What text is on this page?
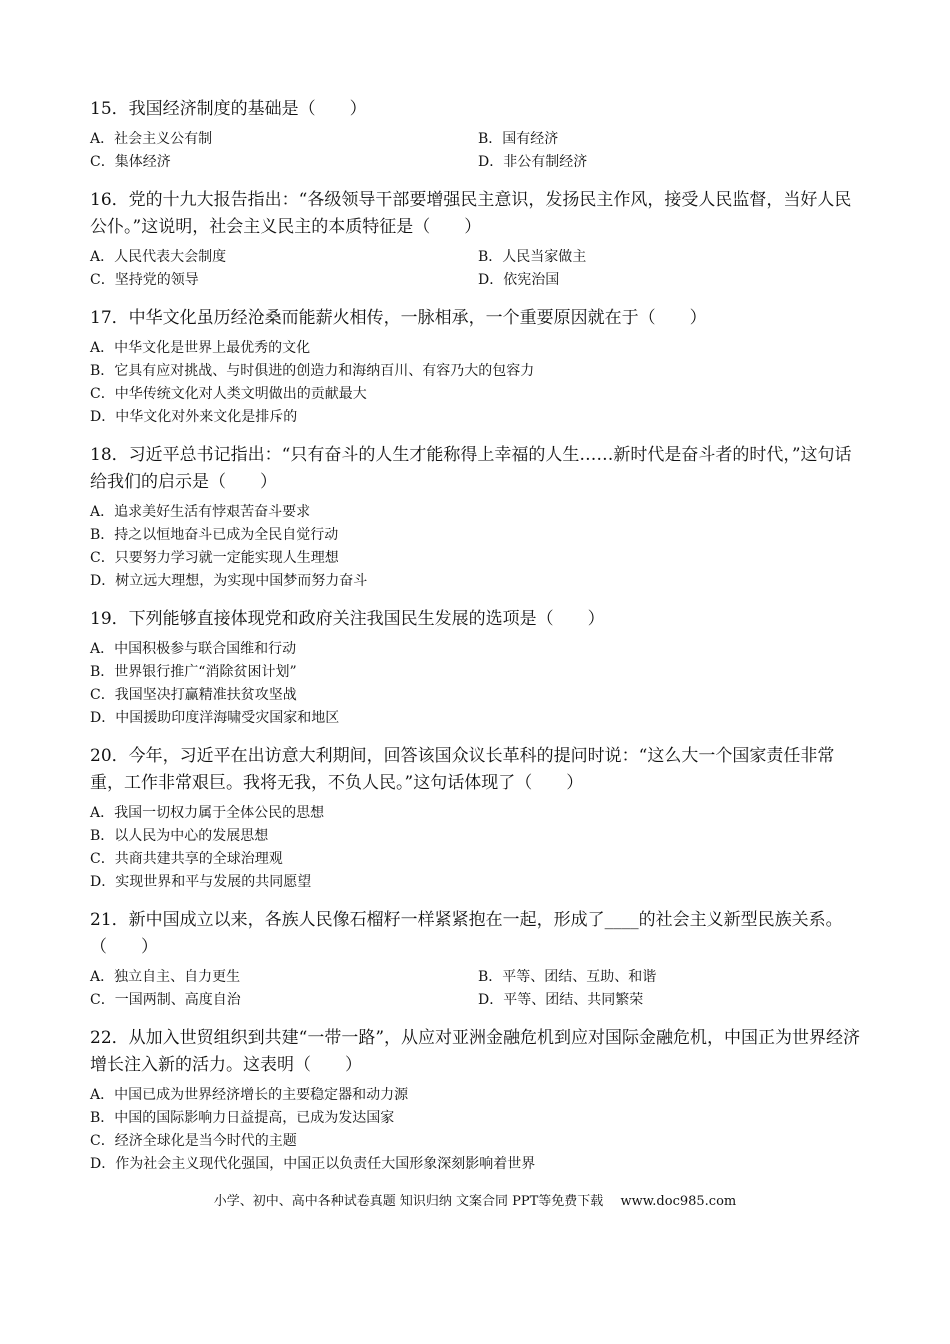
15．我国经济制度的基础是（　　）
A．社会主义公有制	B．国有经济
C．集体经济	D．非公有制经济
16．党的十九大报告指出：“各级领导干部要增强民主意识，发扬民主作风，接受人民监督，当好人民公仆。”这说明，社会主义民主的本质特征是（　　）
A．人民代表大会制度	B．人民当家做主
C．坚持党的领导	D．依宪治国
17．中华文化虽历经沧桑而能薪火相传，一脉相承，一个重要原因就在于（　　）
A．中华文化是世界上最优秀的文化
B．它具有应对挑战、与时俱进的创造力和海纳百川、有容乃大的包容力
C．中华传统文化对人类文明做出的贡献最大
D．中华文化对外来文化是排斥的
18．习近平总书记指出：“只有奋斗的人生才能称得上幸福的人生……新时代是奋斗者的时代，”这句话给我们的启示是（　　）
A．追求美好生活有悖艰苦奋斗要求
B．持之以恒地奋斗已成为全民自觉行动
C．只要努力学习就一定能实现人生理想
D．树立远大理想，为实现中国梦而努力奋斗
19．下列能够直接体现党和政府关注我国民生发展的选项是（　　）
A．中国积极参与联合国维和行动
B．世界银行推广“消除贫困计划”
C．我国坚决打赢精准扶贫攻坚战
D．中国援助印度洋海啸受灾国家和地区
20．今年，习近平在出访意大利期间，回答该国众议长革科的提问时说：“这么大一个国家责任非常重，工作非常艰巨。我将无我，不负人民。”这句话体现了（　　）
A．我国一切权力属于全体公民的思想
B．以人民为中心的发展思想
C．共商共建共享的全球治理观
D．实现世界和平与发展的共同愿望
21．新中国成立以来，各族人民像石榴籽一样紧紧抱在一起，形成了____的社会主义新型民族关系。（　　）
A．独立自主、自力更生	B．平等、团结、互助、和谐
C．一国两制、高度自治	D．平等、团结、共同繁荣
22．从加入世贸组织到共建“一带一路”，从应对亚洲金融危机到应对国际金融危机，中国正为世界经济增长注入新的活力。这表明（　　）
A．中国已成为世界经济增长的主要稳定器和动力源
B．中国的国际影响力日益提高，已成为发达国家
C．经济全球化是当今时代的主题
D．作为社会主义现代化强国，中国正以负责任大国形象深刻影响着世界
小学、初中、高中各种试卷真题 知识归纳 文案合同 PPT等免费下载　 www.doc985.com
